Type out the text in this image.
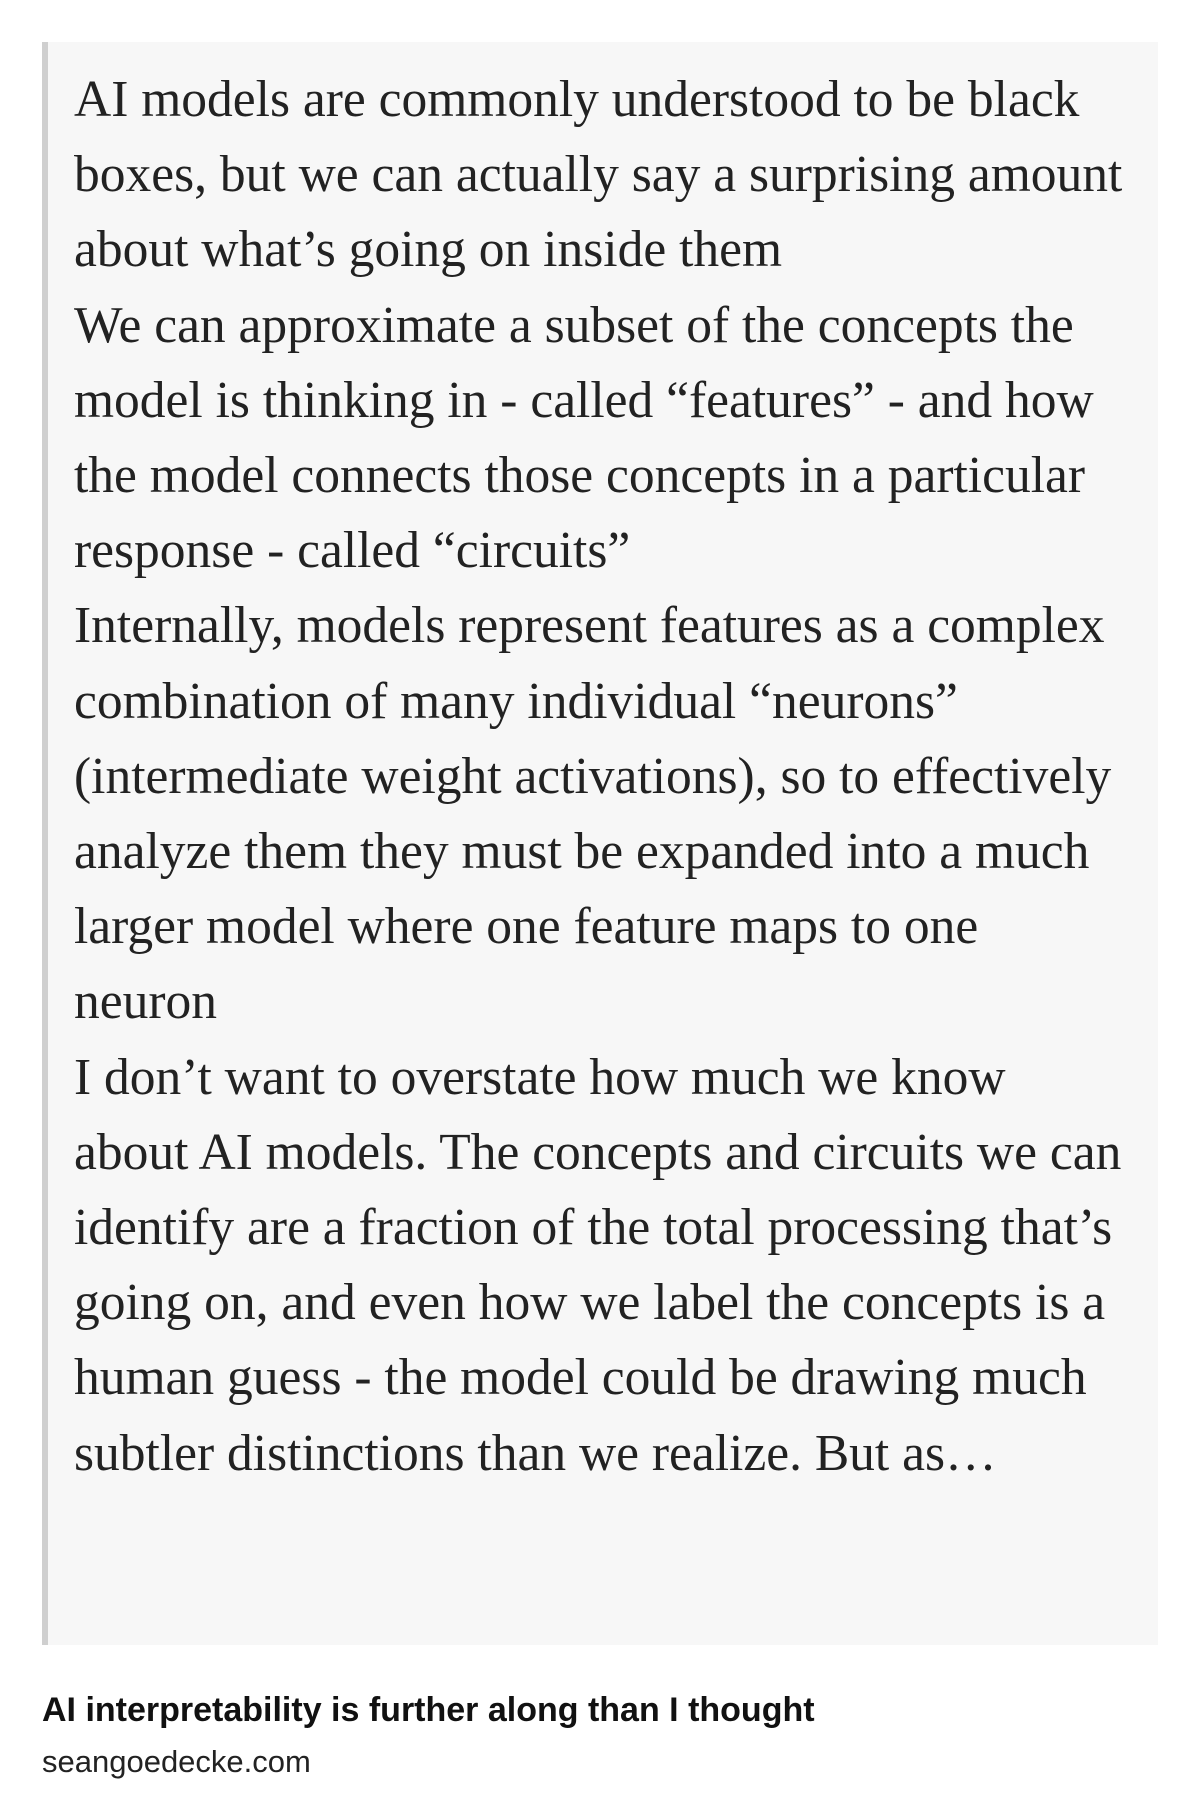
AI models are commonly understood to be black boxes, but we can actually say a surprising amount about what’s going on inside them

We can approximate a subset of the concepts the model is thinking in - called “features” - and how the model connects those concepts in a particular response - called “circuits”

Internally, models represent features as a complex combination of many individual “neurons” (intermediate weight activations), so to effectively analyze them they must be expanded into a much larger model where one feature maps to one neuron

I don’t want to overstate how much we know about AI models. The concepts and circuits we can identify are a fraction of the total processing that’s going on, and even how we label the concepts is a human guess - the model could be drawing much subtler distinctions than we realize. But as…

AI interpretability is further along than I thought
seangoedecke.com
